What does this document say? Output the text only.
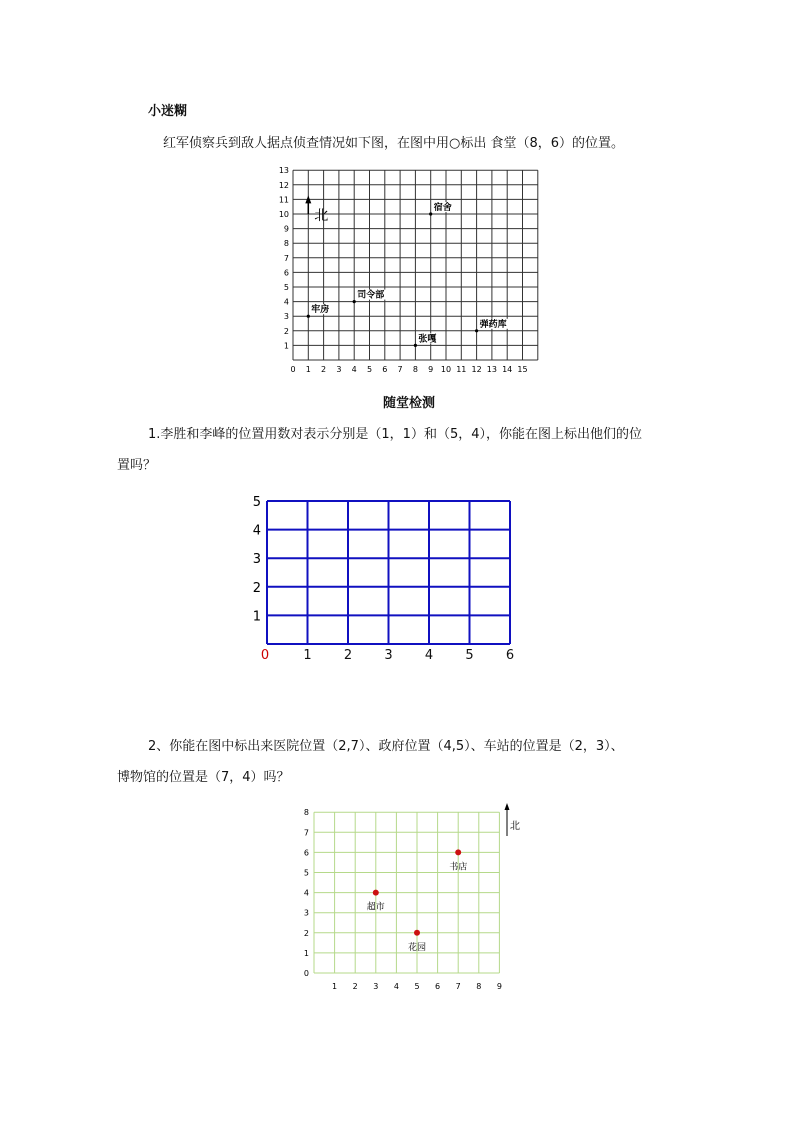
小迷糊
红军侦察兵到敌人据点侦查情况如下图，在图中用○标出 食堂（8，6）的位置。
0 1 2 3 4 5 6 7 8 9 10 11 12 13 14 15
1
2
3
4
5
6
7
8
9
10
11
12
13
北	宿舍
司令部
牢房
弹药库
张嘎
随堂检测
1.李胜和李峰的位置用数对表示分别是（1，1）和（5，4），你能在图上标出他们的位
置吗？
0	1 2 3 4 5 6
1
2
3
4
5
2、你能在图中标出来医院位置（2,7）、政府位置（4,5）、车站的位置是（2，3）、
博物馆的位置是（7，4）吗？
1 2 3 4 5 6 7 8 9
0
1
2
3
4
5
6
7
8
北
书店
超市
花园
